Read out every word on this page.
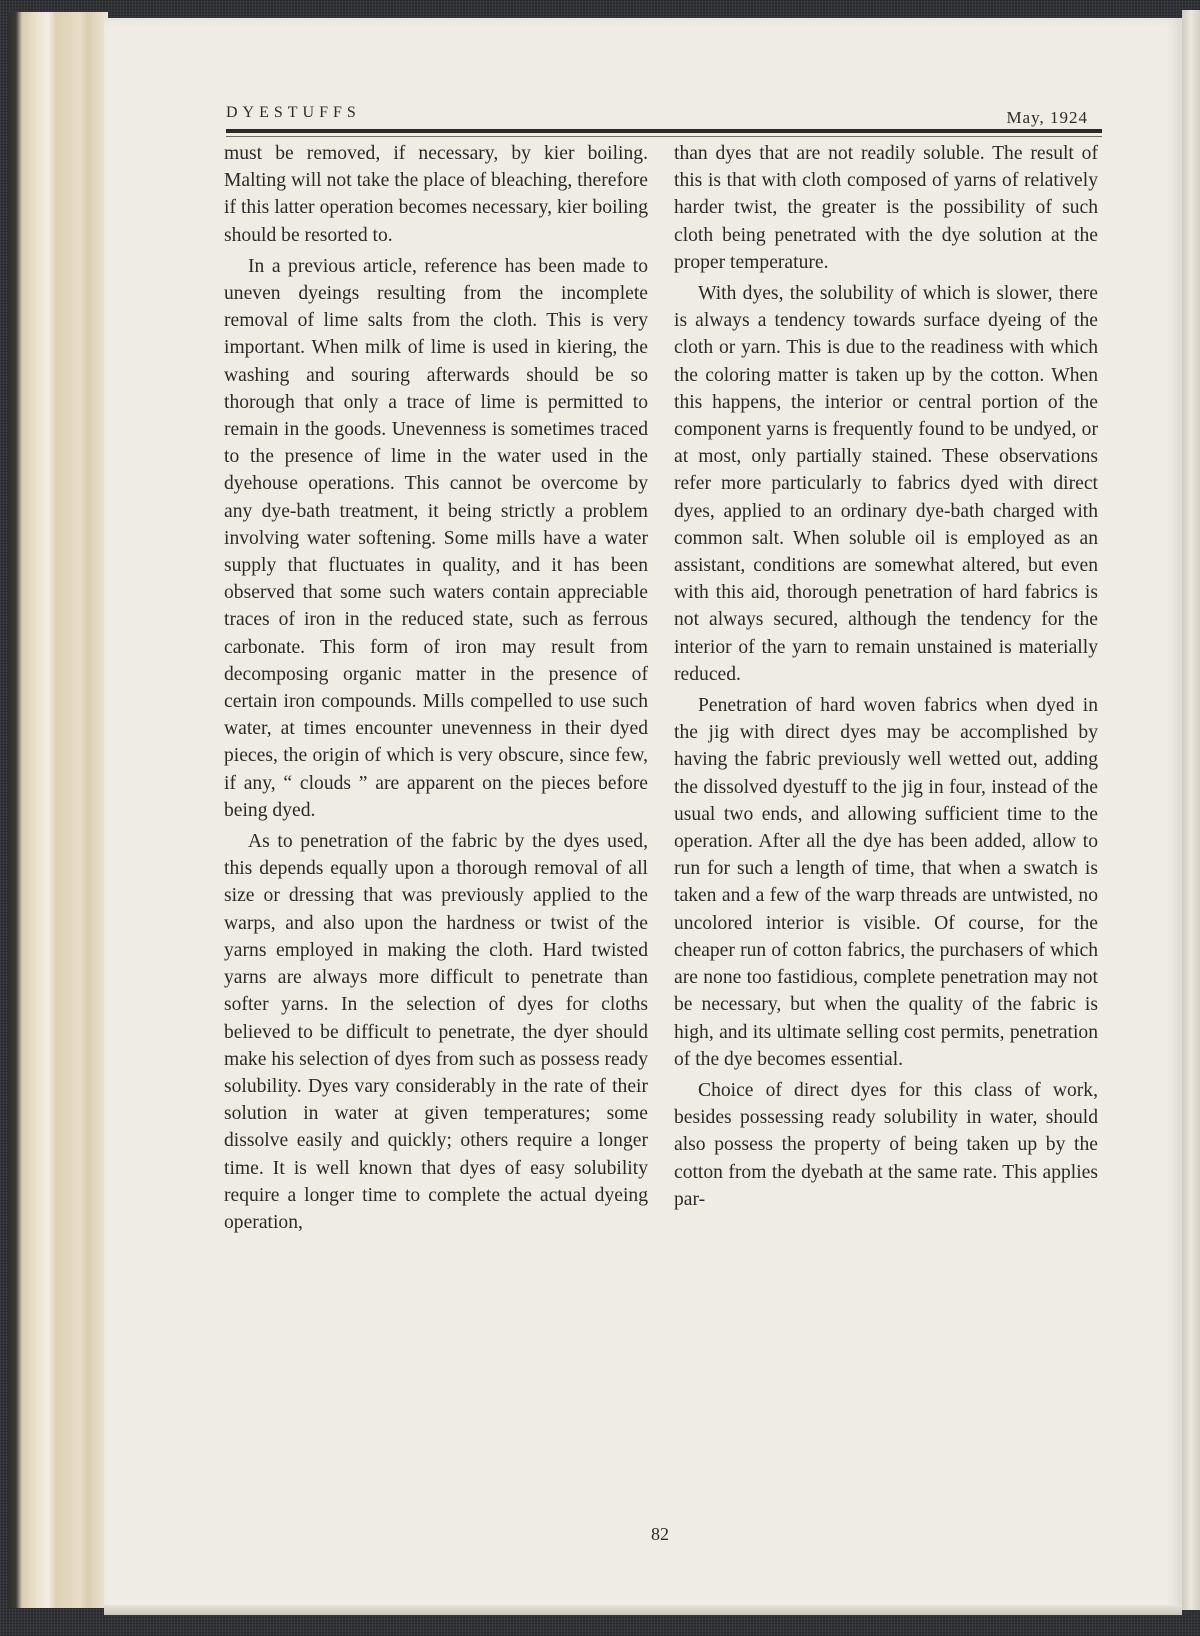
DYESTUFFS	May, 1924

must be removed, if necessary, by kier boiling. Malting will not take the place of bleaching, therefore if this latter operation becomes necessary, kier boiling should be resorted to.

In a previous article, reference has been made to uneven dyeings resulting from the incomplete removal of lime salts from the cloth. This is very important. When milk of lime is used in kiering, the washing and souring afterwards should be so thorough that only a trace of lime is permitted to remain in the goods. Unevenness is sometimes traced to the presence of lime in the water used in the dyehouse operations. This cannot be overcome by any dye-bath treatment, it being strictly a problem involving water softening. Some mills have a water supply that fluctuates in quality, and it has been observed that some such waters contain appreciable traces of iron in the reduced state, such as ferrous carbonate. This form of iron may result from decomposing organic matter in the presence of certain iron compounds. Mills compelled to use such water, at times encounter unevenness in their dyed pieces, the origin of which is very obscure, since few, if any, “ clouds ” are apparent on the pieces before being dyed.

As to penetration of the fabric by the dyes used, this depends equally upon a thorough removal of all size or dressing that was previously applied to the warps, and also upon the hardness or twist of the yarns employed in making the cloth. Hard twisted yarns are always more difficult to penetrate than softer yarns. In the selection of dyes for cloths believed to be difficult to penetrate, the dyer should make his selection of dyes from such as possess ready solubility. Dyes vary considerably in the rate of their solution in water at given temperatures; some dissolve easily and quickly; others require a longer time. It is well known that dyes of easy solubility require a longer time to complete the actual dyeing operation,

than dyes that are not readily soluble. The result of this is that with cloth composed of yarns of relatively harder twist, the greater is the possibility of such cloth being penetrated with the dye solution at the proper temperature.

With dyes, the solubility of which is slower, there is always a tendency towards surface dyeing of the cloth or yarn. This is due to the readiness with which the coloring matter is taken up by the cotton. When this happens, the interior or central portion of the component yarns is frequently found to be undyed, or at most, only partially stained. These observations refer more particularly to fabrics dyed with direct dyes, applied to an ordinary dye-bath charged with common salt. When soluble oil is employed as an assistant, conditions are somewhat altered, but even with this aid, thorough penetration of hard fabrics is not always secured, although the tendency for the interior of the yarn to remain unstained is materially reduced.

Penetration of hard woven fabrics when dyed in the jig with direct dyes may be accomplished by having the fabric previously well wetted out, adding the dissolved dyestuff to the jig in four, instead of the usual two ends, and allowing sufficient time to the operation. After all the dye has been added, allow to run for such a length of time, that when a swatch is taken and a few of the warp threads are untwisted, no uncolored interior is visible. Of course, for the cheaper run of cotton fabrics, the purchasers of which are none too fastidious, complete penetration may not be necessary, but when the quality of the fabric is high, and its ultimate selling cost permits, penetration of the dye becomes essential.

Choice of direct dyes for this class of work, besides possessing ready solubility in water, should also possess the property of being taken up by the cotton from the dyebath at the same rate. This applies par-

82
